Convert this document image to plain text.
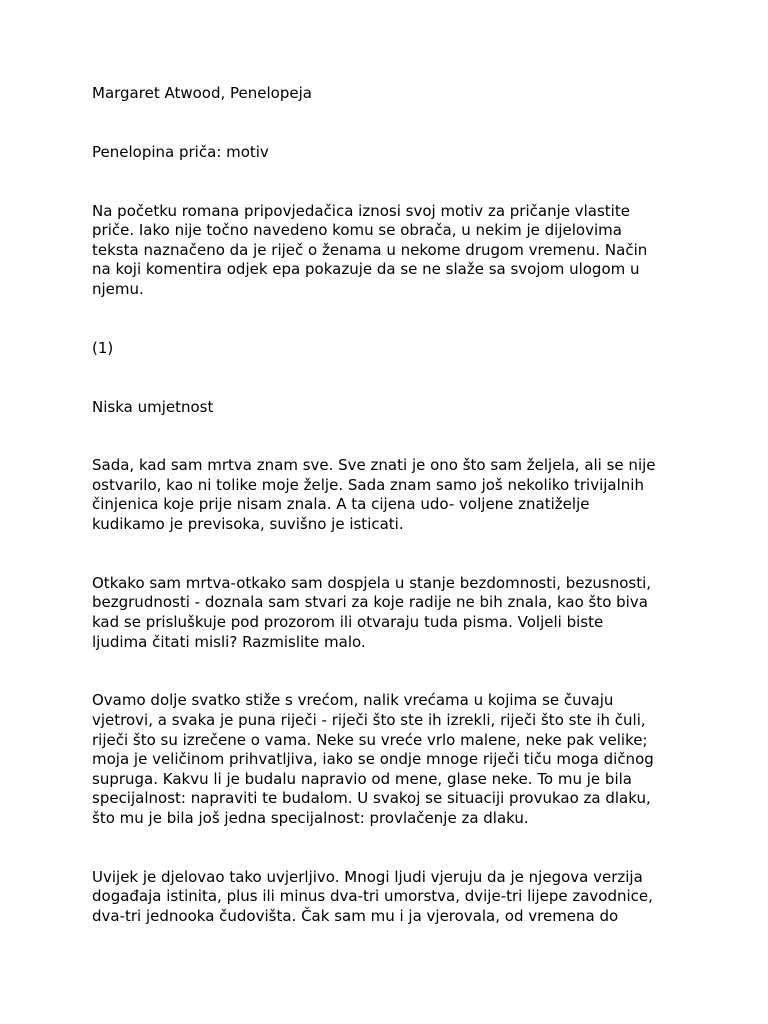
Margaret Atwood, Penelopeja

Penelopina priča: motiv

Na početku romana pripovjedačica iznosi svoj motiv za pričanje vlastite
priče. Iako nije točno navedeno komu se obrača, u nekim je dijelovima
teksta naznačeno da je riječ o ženama u nekome drugom vremenu. Način
na koji komentira odjek epa pokazuje da se ne slaže sa svojom ulogom u
njemu.

(1)

Niska umjetnost

Sada, kad sam mrtva znam sve. Sve znati je ono što sam željela, ali se nije
ostvarilo, kao ni tolike moje želje. Sada znam samo još nekoliko trivijalnih
činjenica koje prije nisam znala. A ta cijena udo- voljene znatiželje
kudikamo je previsoka, suvišno je isticati.

Otkako sam mrtva-otkako sam dospjela u stanje bezdomnosti, bezusnosti,
bezgrudnosti - doznala sam stvari za koje radije ne bih znala, kao što biva
kad se prisluškuje pod prozorom ili otvaraju tuda pisma. Voljeli biste
ljudima čitati misli? Razmislite malo.

Ovamo dolje svatko stiže s vrećom, nalik vrećama u kojima se čuvaju
vjetrovi, a svaka je puna riječi - riječi što ste ih izrekli, riječi što ste ih čuli,
riječi što su izrečene o vama. Neke su vreće vrlo malene, neke pak velike;
moja je veličinom prihvatljiva, iako se ondje mnoge riječi tiču moga dičnog
supruga. Kakvu li je budalu napravio od mene, glase neke. To mu je bila
specijalnost: napraviti te budalom. U svakoj se situaciji provukao za dlaku,
što mu je bila još jedna specijalnost: provlačenje za dlaku.

Uvijek je djelovao tako uvjerljivo. Mnogi ljudi vjeruju da je njegova verzija
događaja istinita, plus ili minus dva-tri umorstva, dvije-tri lijepe zavodnice,
dva-tri jednooka čudovišta. Čak sam mu i ja vjerovala, od vremena do
